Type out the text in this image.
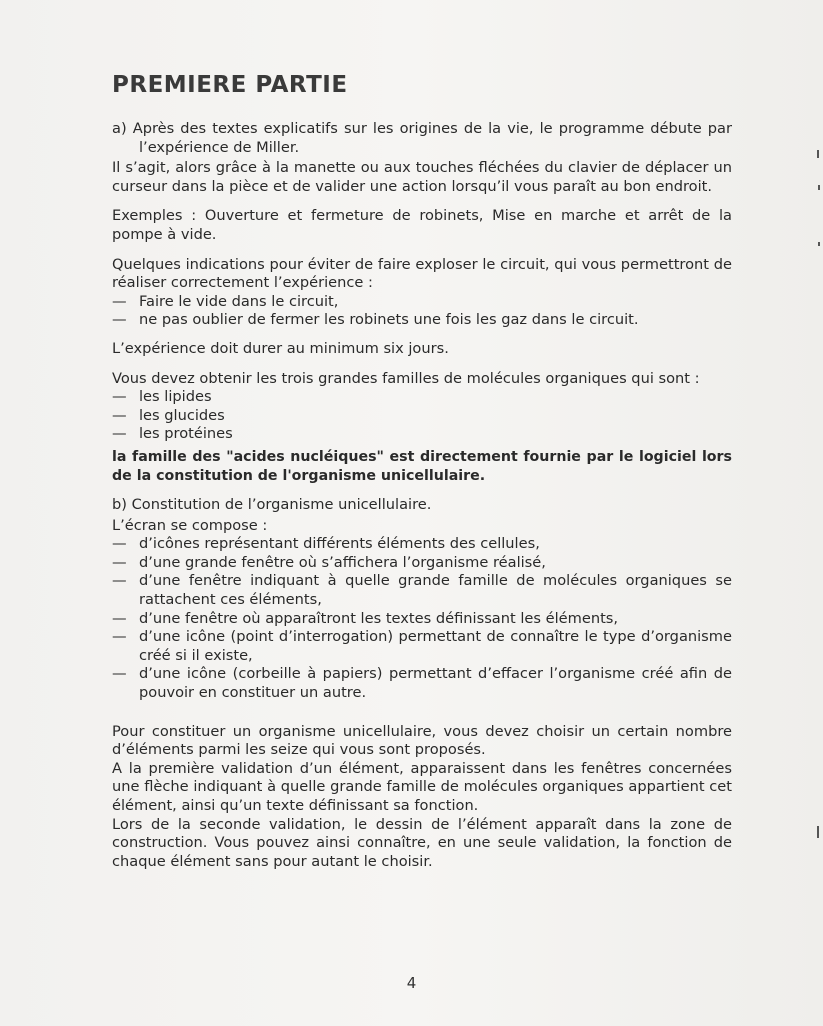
PREMIERE PARTIE

a) Après des textes explicatifs sur les origines de la vie, le programme débute par l’expérience de Miller.

Il s’agit, alors grâce à la manette ou aux touches fléchées du clavier de déplacer un curseur dans la pièce et de valider une action lorsqu’il vous paraît au bon endroit.

Exemples : Ouverture et fermeture de robinets, Mise en marche et arrêt de la pompe à vide.

Quelques indications pour éviter de faire exploser le circuit, qui vous permettront de réaliser correctement l’expérience :

— Faire le vide dans le circuit,
— ne pas oublier de fermer les robinets une fois les gaz dans le circuit.

L’expérience doit durer au minimum six jours.

Vous devez obtenir les trois grandes familles de molécules organiques qui sont :

— les lipides
— les glucides
— les protéines

la famille des "acides nucléiques" est directement fournie par le logiciel lors de la constitution de l'organisme unicellulaire.

b) Constitution de l’organisme unicellulaire.

L’écran se compose :

— d’icônes représentant différents éléments des cellules,
— d’une grande fenêtre où s’affichera l’organisme réalisé,
— d’une fenêtre indiquant à quelle grande famille de molécules organiques se rattachent ces éléments,
— d’une fenêtre où apparaîtront les textes définissant les éléments,
— d’une icône (point d’interrogation) permettant de connaître le type d’organisme créé si il existe,
— d’une icône (corbeille à papiers) permettant d’effacer l’organisme créé afin de pouvoir en constituer un autre.

Pour constituer un organisme unicellulaire, vous devez choisir un certain nombre d’éléments parmi les seize qui vous sont proposés.

A la première validation d’un élément, apparaissent dans les fenêtres concernées une flèche indiquant à quelle grande famille de molécules organiques appartient cet élément, ainsi qu’un texte définissant sa fonction.

Lors de la seconde validation, le dessin de l’élément apparaît dans la zone de construction. Vous pouvez ainsi connaître, en une seule validation, la fonction de chaque élément sans pour autant le choisir.

4
